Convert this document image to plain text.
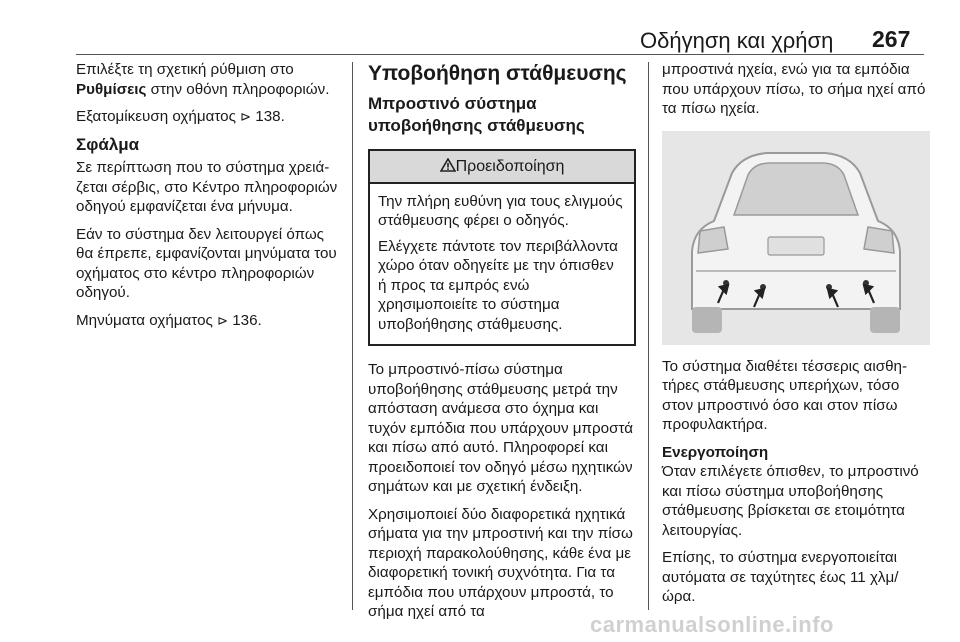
Οδήγηση και χρήση 267

Επιλέξτε τη σχετική ρύθμιση στο Ρυθμίσεις στην οθόνη πληροφοριών.

Εξατομίκευση οχήματος ⊳ 138.

Σφάλμα

Σε περίπτωση που το σύστημα χρειάζεται σέρβις, στο Κέντρο πληροφοριών οδηγού εμφανίζεται ένα μήνυμα.

Εάν το σύστημα δεν λειτουργεί όπως θα έπρεπε, εμφανίζονται μηνύματα του οχήματος στο κέντρο πληροφοριών οδηγού.

Μηνύματα οχήματος ⊳ 136.

Υποβοήθηση στάθμευσης
Μπροστινό σύστημα υποβοήθησης στάθμευσης
Προειδοποίηση

Την πλήρη ευθύνη για τους ελιγμούς στάθμευσης φέρει ο οδηγός.

Ελέγχετε πάντοτε τον περιβάλλοντα χώρο όταν οδηγείτε με την όπισθεν ή προς τα εμπρός ενώ χρησιμοποιείτε το σύστημα υποβοήθησης στάθμευσης.

Το μπροστινό-πίσω σύστημα υποβοήθησης στάθμευσης μετρά την απόσταση ανάμεσα στο όχημα και τυχόν εμπόδια που υπάρχουν μπροστά και πίσω από αυτό. Πληροφορεί και προειδοποιεί τον οδηγό μέσω ηχητικών σημάτων και με σχετική ένδειξη.

Χρησιμοποιεί δύο διαφορετικά ηχητικά σήματα για την μπροστινή και την πίσω περιοχή παρακολούθησης, κάθε ένα με διαφορετική τονική συχνότητα. Για τα εμπόδια που υπάρχουν μπροστά, το σήμα ηχεί από τα

μπροστινά ηχεία, ενώ για τα εμπόδια που υπάρχουν πίσω, το σήμα ηχεί από τα πίσω ηχεία.

Το σύστημα διαθέτει τέσσερις αισθητήρες στάθμευσης υπερήχων, τόσο στον μπροστινό όσο και στον πίσω προφυλακτήρα.

Ενεργοποίηση

Όταν επιλέγετε όπισθεν, το μπροστινό και πίσω σύστημα υποβοήθησης στάθμευσης βρίσκεται σε ετοιμότητα λειτουργίας.

Επίσης, το σύστημα ενεργοποιείται αυτόματα σε ταχύτητες έως 11 χλμ/ώρα.

carmanualsonline.info
